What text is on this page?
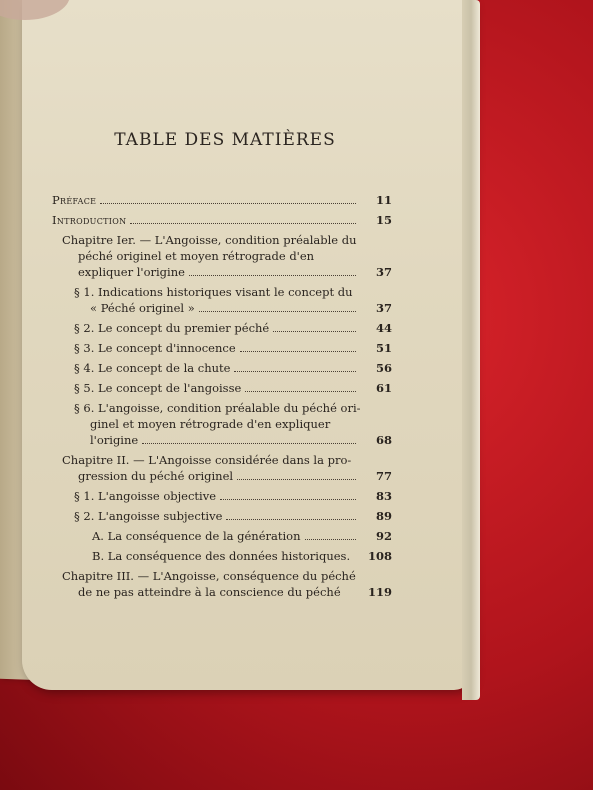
TABLE DES MATIÈRES
Préface	11
Introduction	15
Chapitre Ier. — L'Angoisse, condition préalable du
péché originel et moyen rétrograde d'en
expliquer l'origine	37
§ 1. Indications historiques visant le concept du
« Péché originel »	37
§ 2. Le concept du premier péché	44
§ 3. Le concept d'innocence	51
§ 4. Le concept de la chute	56
§ 5. Le concept de l'angoisse	61
§ 6. L'angoisse, condition préalable du péché ori-
ginel et moyen rétrograde d'en expliquer
l'origine	68
Chapitre II. — L'Angoisse considérée dans la pro-
gression du péché originel	77
§ 1. L'angoisse objective	83
§ 2. L'angoisse subjective	89
A. La conséquence de la génération	92
B. La conséquence des données historiques.	108
Chapitre III. — L'Angoisse, conséquence du péché
de ne pas atteindre à la conscience du péché	119
